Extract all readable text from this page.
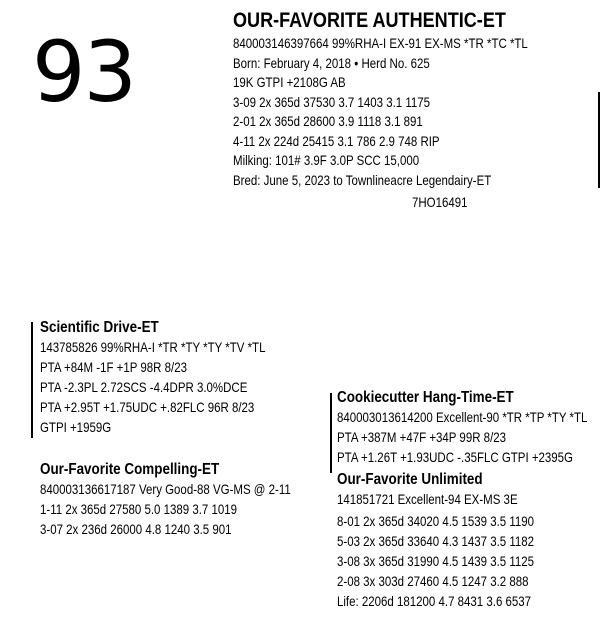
93
OUR-FAVORITE AUTHENTIC-ET
840003146397664 99%RHA-I EX-91 EX-MS *TR *TC *TL
Born: February 4, 2018 • Herd No. 625
19K GTPI +2108G AB
3-09 2x 365d 37530 3.7 1403 3.1 1175
2-01 2x 365d 28600 3.9 1118 3.1 891
4-11 2x 224d 25415 3.1 786 2.9 748 RIP
Milking: 101# 3.9F 3.0P SCC 15,000
Bred: June 5, 2023 to Townlineacre Legendairy-ET
7HO16491
Scientific Drive-ET
143785826 99%RHA-I *TR *TY *TY *TV *TL
PTA +84M -1F +1P 98R 8/23
PTA -2.3PL 2.72SCS -4.4DPR 3.0%DCE
PTA +2.95T +1.75UDC +.82FLC 96R 8/23
GTPI +1959G
Our-Favorite Compelling-ET
840003136617187 Very Good-88 VG-MS @ 2-11
1-11 2x 365d 27580 5.0 1389 3.7 1019
3-07 2x 236d 26000 4.8 1240 3.5 901
Cookiecutter Hang-Time-ET
840003013614200 Excellent-90 *TR *TP *TY *TL
PTA +387M +47F +34P 99R 8/23
PTA +1.26T +1.93UDC -.35FLC GTPI +2395G
Our-Favorite Unlimited
141851721 Excellent-94 EX-MS 3E
8-01 2x 365d 34020 4.5 1539 3.5 1190
5-03 2x 365d 33640 4.3 1437 3.5 1182
3-08 3x 365d 31990 4.5 1439 3.5 1125
2-08 3x 303d 27460 4.5 1247 3.2 888
Life: 2206d 181200 4.7 8431 3.6 6537
